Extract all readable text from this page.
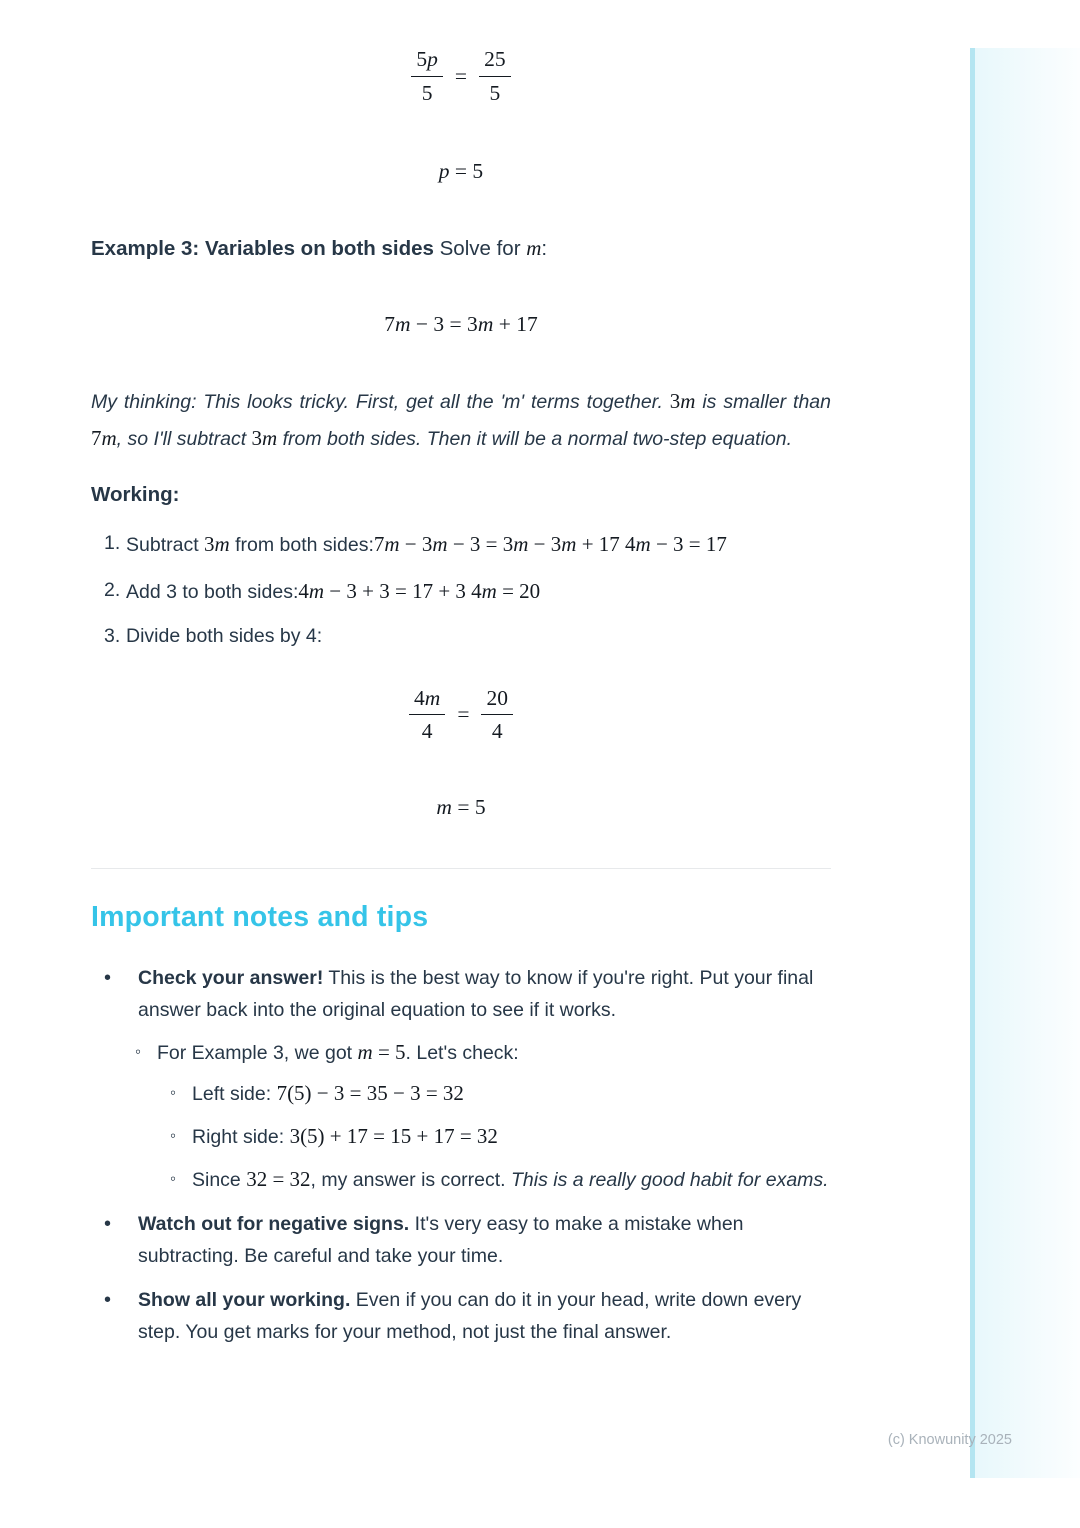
$\frac{5p}{5} = \frac{25}{5}$
p = 5
Example 3: Variables on both sides Solve for m:
7m − 3 = 3m + 17

My thinking: This looks tricky. First, get all the 'm' terms together. 3m is smaller than 7m, so I'll subtract 3m from both sides. Then it will be a normal two-step equation.

Working:
1. Subtract 3m from both sides:7m − 3m − 3 = 3m − 3m + 17 4m − 3 = 17
2. Add 3 to both sides:4m − 3 + 3 = 17 + 3 4m = 20
3. Divide both sides by 4:
$\frac{4m}{4} = \frac{20}{4}$
m = 5
Important notes and tips
•	Check your answer! This is the best way to know if you're right. Put your final answer back into the original equation to see if it works.
◦ For Example 3, we got m = 5. Let's check:
◦ Left side: 7(5) − 3 = 35 − 3 = 32
◦ Right side: 3(5) + 17 = 15 + 17 = 32
◦ Since 32 = 32, my answer is correct. This is a really good habit for exams.
•	Watch out for negative signs. It's very easy to make a mistake when subtracting. Be careful and take your time.
•	Show all your working. Even if you can do it in your head, write down every step. You get marks for your method, not just the final answer.
(c) Knowunity 2025
